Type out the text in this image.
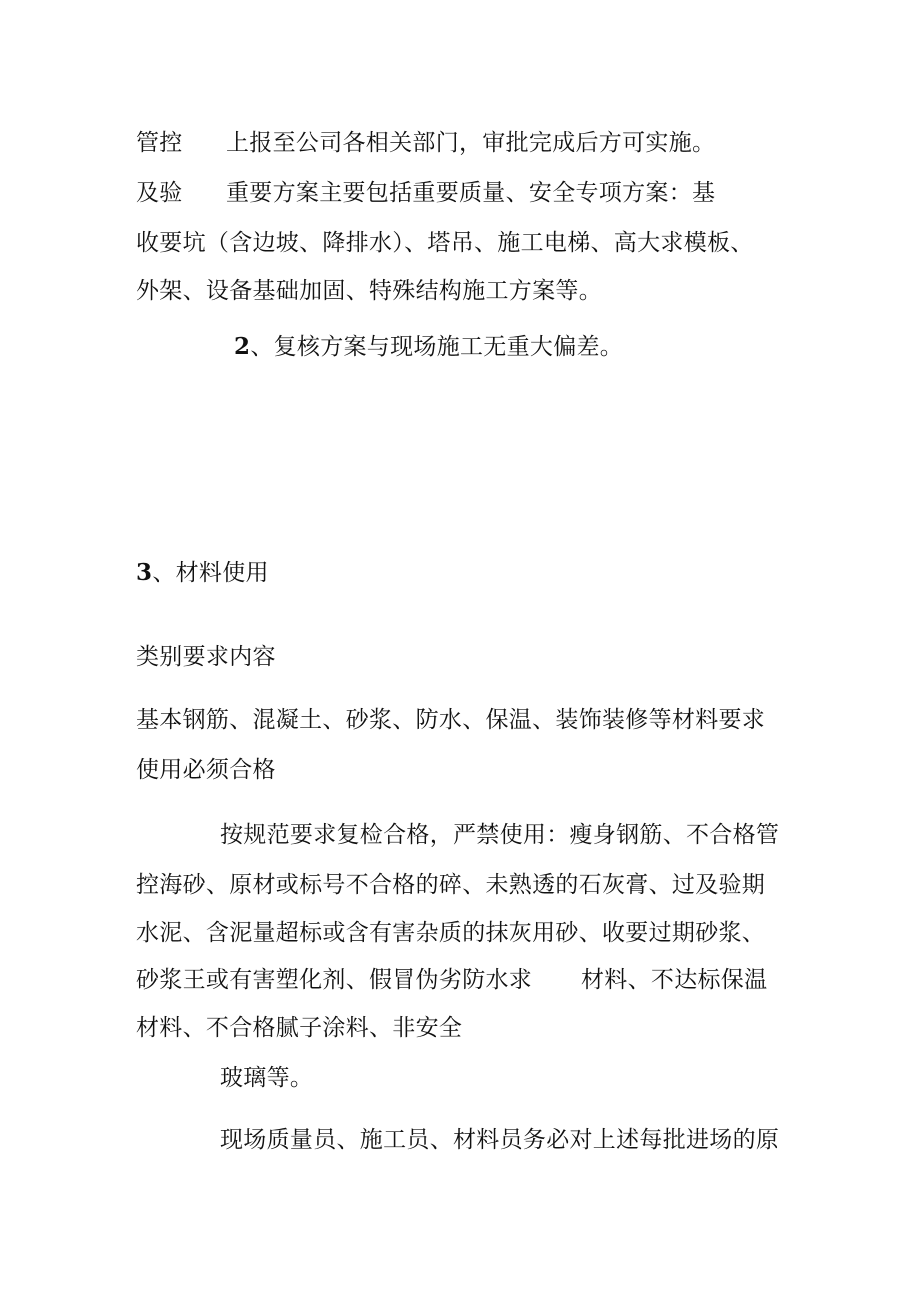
管控 上报至公司各相关部门，审批完成后方可实施。
及验 重要方案主要包括重要质量、安全专项方案：基
收要坑（含边坡、降排水）、塔吊、施工电梯、高大求模板、
外架、设备基础加固、特殊结构施工方案等。
2、复核方案与现场施工无重大偏差。
3、材料使用
类别要求内容
基本钢筋、混凝土、砂浆、防水、保温、装饰装修等材料要求
使用必须合格
按规范要求复检合格，严禁使用：瘦身钢筋、不合格管
控海砂、原材或标号不合格的碎、未熟透的石灰膏、过及验期
水泥、含泥量超标或含有害杂质的抹灰用砂、收要过期砂浆、
砂浆王或有害塑化剂、假冒伪劣防水求 材料、不达标保温
材料、不合格腻子涂料、非安全
玻璃等。
现场质量员、施工员、材料员务必对上述每批进场的原
